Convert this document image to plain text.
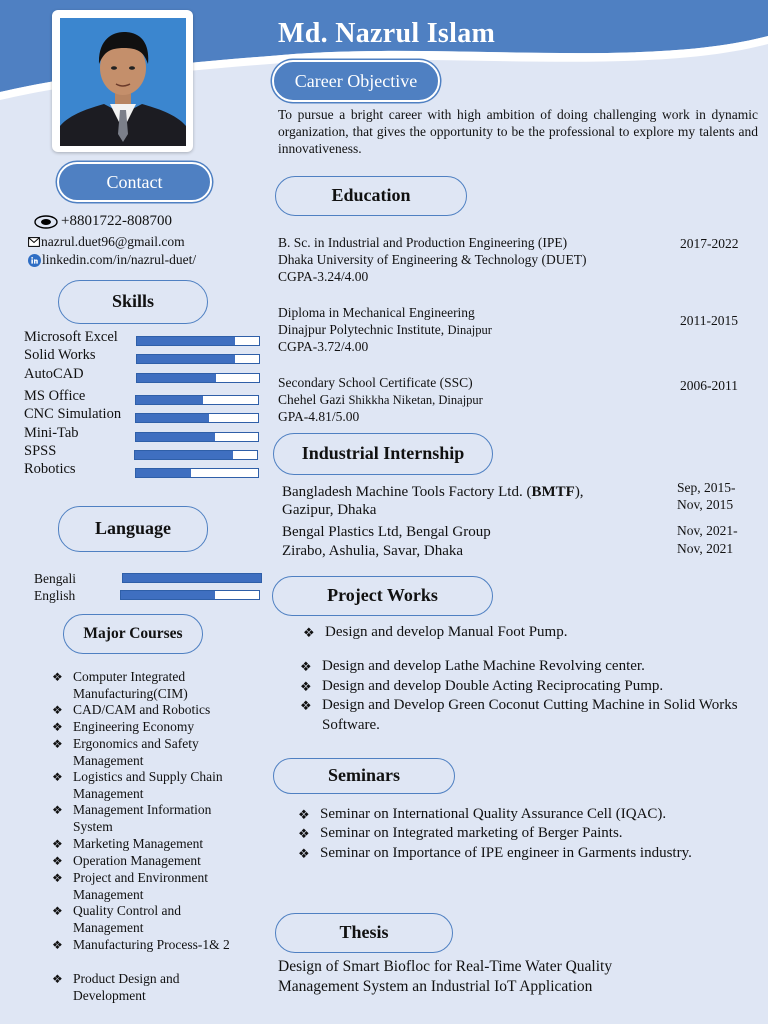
Md. Nazrul Islam
Career Objective
To pursue a bright career with high ambition of doing challenging work in dynamic organization, that gives the opportunity to be the professional to explore my talents and innovativeness.
Contact
+8801722-808700
nazrul.duet96@gmail.com
linkedin.com/in/nazrul-duet/
Skills
Microsoft Excel
Solid Works
AutoCAD
MS Office
CNC Simulation
Mini-Tab
SPSS
Robotics
Language
Bengali
English
Major Courses
❖ Computer Integrated Manufacturing(CIM)
❖ CAD/CAM and Robotics
❖ Engineering Economy
❖ Ergonomics and Safety Management
❖ Logistics and Supply Chain Management
❖ Management Information System
❖ Marketing Management
❖ Operation Management
❖ Project and Environment Management
❖ Quality Control and Management
❖ Manufacturing Process-1& 2
❖ Product Design and Development
Education
B. Sc. in Industrial and Production Engineering (IPE)
Dhaka University of Engineering & Technology (DUET)
CGPA-3.24/4.00
2017-2022
Diploma in Mechanical Engineering
Dinajpur Polytechnic Institute, Dinajpur
CGPA-3.72/4.00
2011-2015
Secondary School Certificate (SSC)
Chehel Gazi Shikkha Niketan, Dinajpur
GPA-4.81/5.00
2006-2011
Industrial Internship
Bangladesh Machine Tools Factory Ltd. (BMTF),
Gazipur, Dhaka
Sep, 2015-
Nov, 2015
Bengal Plastics Ltd, Bengal Group
Zirabo, Ashulia, Savar, Dhaka
Nov, 2021-
Nov, 2021
Project Works
❖ Design and develop Manual Foot Pump.
❖ Design and develop Lathe Machine Revolving center.
❖ Design and develop Double Acting Reciprocating Pump.
❖ Design and Develop Green Coconut Cutting Machine in Solid Works Software.
Seminars
❖ Seminar on International Quality Assurance Cell (IQAC).
❖ Seminar on Integrated marketing of Berger Paints.
❖ Seminar on Importance of IPE engineer in Garments industry.
Thesis
Design of Smart Biofloc for Real-Time Water Quality
Management System an Industrial IoT Application
